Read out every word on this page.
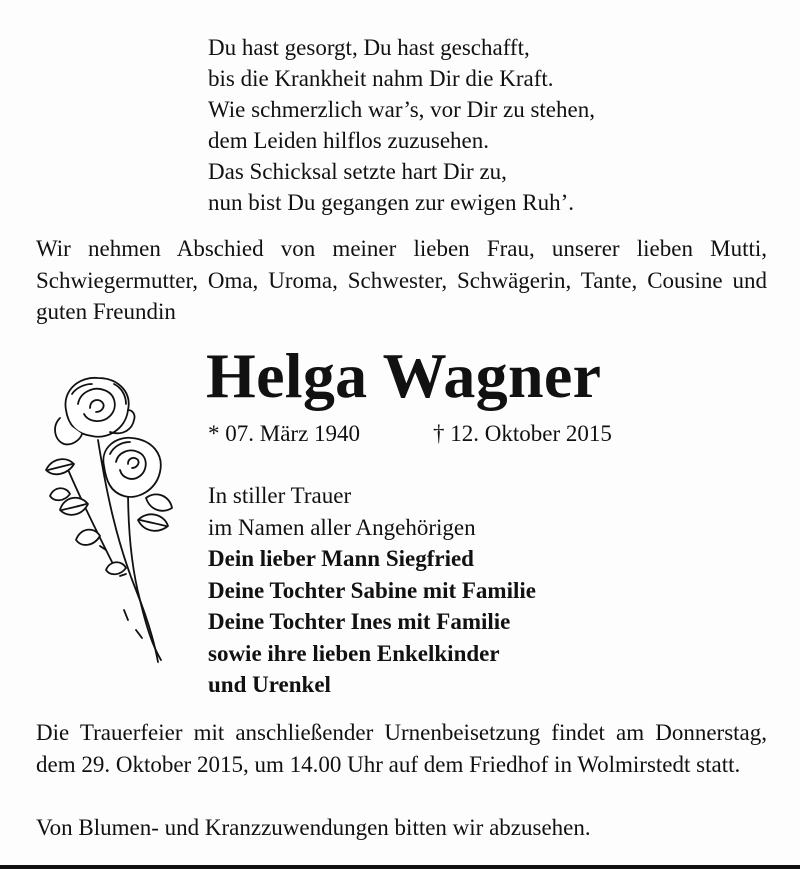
Du hast gesorgt, Du hast geschafft,
bis die Krankheit nahm Dir die Kraft.
Wie schmerzlich war’s, vor Dir zu stehen,
dem Leiden hilflos zuzusehen.
Das Schicksal setzte hart Dir zu,
nun bist Du gegangen zur ewigen Ruh’.
Wir nehmen Abschied von meiner lieben Frau, unserer lieben Mutti, Schwiegermutter, Oma, Uroma, Schwester, Schwägerin, Tante, Cousine und guten Freundin
Helga Wagner
* 07. März 1940	† 12. Oktober 2015
In stiller Trauer
im Namen aller Angehörigen
Dein lieber Mann Siegfried
Deine Tochter Sabine mit Familie
Deine Tochter Ines mit Familie
sowie ihre lieben Enkelkinder
und Urenkel
Die Trauerfeier mit anschließender Urnenbeisetzung findet am Donnerstag, dem 29. Oktober 2015, um 14.00 Uhr auf dem Friedhof in Wolmirstedt statt.
Von Blumen- und Kranzzuwendungen bitten wir abzusehen.
